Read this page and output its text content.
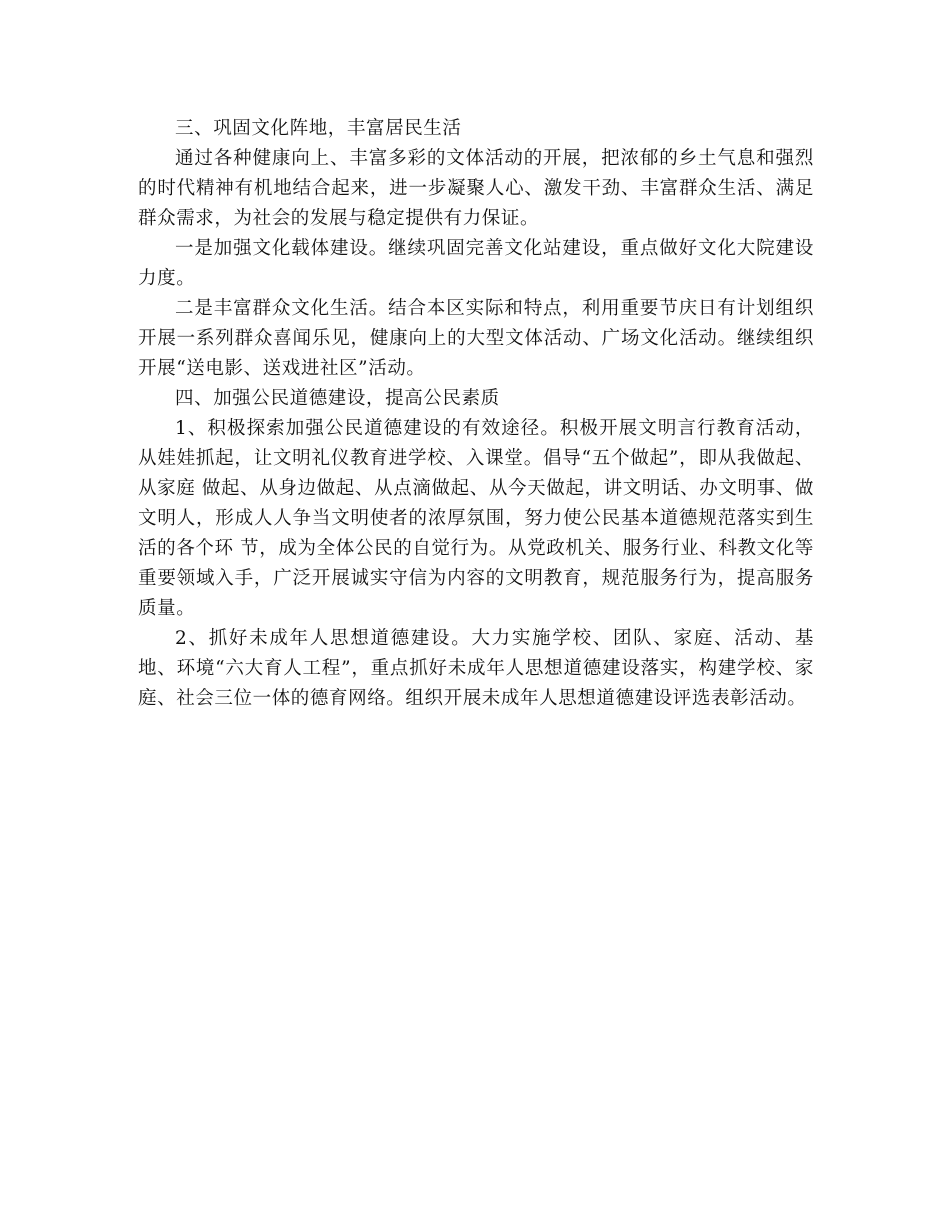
三、巩固文化阵地，丰富居民生活

通过各种健康向上、丰富多彩的文体活动的开展，把浓郁的乡土气息和强烈的时代精神有机地结合起来，进一步凝聚人心、激发干劲、丰富群众生活、满足群众需求，为社会的发展与稳定提供有力保证。

一是加强文化载体建设。继续巩固完善文化站建设，重点做好文化大院建设力度。

二是丰富群众文化生活。结合本区实际和特点，利用重要节庆日有计划组织开展一系列群众喜闻乐见，健康向上的大型文体活动、广场文化活动。继续组织开展“送电影、送戏进社区”活动。

四、加强公民道德建设，提高公民素质

1、积极探索加强公民道德建设的有效途径。积极开展文明言行教育活动，从娃娃抓起，让文明礼仪教育进学校、入课堂。倡导“五个做起”，即从我做起、从家庭 做起、从身边做起、从点滴做起、从今天做起，讲文明话、办文明事、做文明人，形成人人争当文明使者的浓厚氛围，努力使公民基本道德规范落实到生活的各个环 节，成为全体公民的自觉行为。从党政机关、服务行业、科教文化等重要领域入手，广泛开展诚实守信为内容的文明教育，规范服务行为，提高服务质量。

2、抓好未成年人思想道德建设。大力实施学校、团队、家庭、活动、基地、环境“六大育人工程”，重点抓好未成年人思想道德建设落实，构建学校、家庭、社会三位一体的德育网络。组织开展未成年人思想道德建设评选表彰活动。
